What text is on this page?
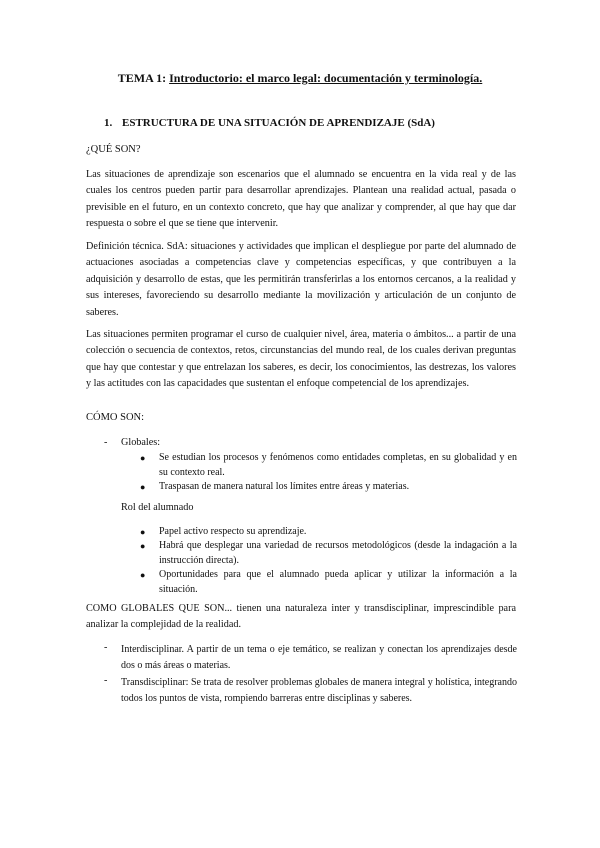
TEMA 1: Introductorio: el marco legal: documentación y terminología.
1. ESTRUCTURA DE UNA SITUACIÓN DE APRENDIZAJE (SdA)
¿QUÉ SON?

Las situaciones de aprendizaje son escenarios que el alumnado se encuentra en la vida real y de las cuales los centros pueden partir para desarrollar aprendizajes. Plantean una realidad actual, pasada o previsible en el futuro, en un contexto concreto, que hay que analizar y comprender, al que hay que dar respuesta o sobre el que se tiene que intervenir.

Definición técnica. SdA: situaciones y actividades que implican el despliegue por parte del alumnado de actuaciones asociadas a competencias clave y competencias específicas, y que contribuyen a la adquisición y desarrollo de estas, que les permitirán transferirlas a los entornos cercanos, a la realidad y sus intereses, favoreciendo su desarrollo mediante la movilización y articulación de un conjunto de saberes.

Las situaciones permiten programar el curso de cualquier nivel, área, materia o ámbitos... a partir de una colección o secuencia de contextos, retos, circunstancias del mundo real, de los cuales derivan preguntas que hay que contestar y que entrelazan los saberes, es decir, los conocimientos, las destrezas, los valores y las actitudes con las capacidades que sustentan el enfoque competencial de los aprendizajes.

CÓMO SON:
- Globales:
●	Se estudian los procesos y fenómenos como entidades completas, en su globalidad y en su contexto real.
●	Traspasan de manera natural los límites entre áreas y materias.
Rol del alumnado
●	Papel activo respecto su aprendizaje.
●	Habrá que desplegar una variedad de recursos metodológicos (desde la indagación a la instrucción directa).
●	Oportunidades para que el alumnado pueda aplicar y utilizar la información a la situación.

COMO GLOBALES QUE SON... tienen una naturaleza inter y transdisciplinar, imprescindible para analizar la complejidad de la realidad.

- Interdisciplinar. A partir de un tema o eje temático, se realizan y conectan los aprendizajes desde dos o más áreas o materias.
- Transdisciplinar: Se trata de resolver problemas globales de manera integral y holística, integrando todos los puntos de vista, rompiendo barreras entre disciplinas y saberes.
